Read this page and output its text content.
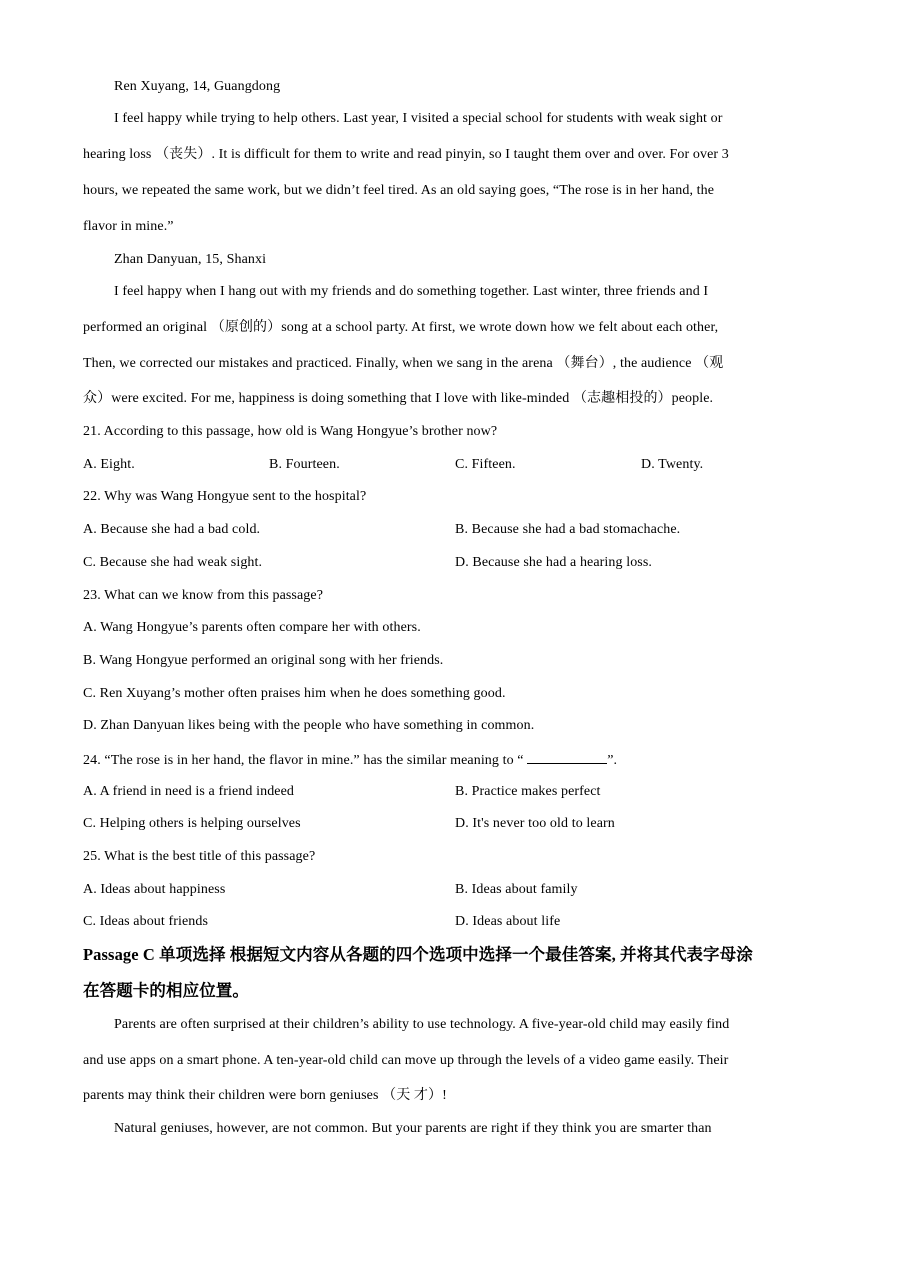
Ren Xuyang, 14, Guangdong
I feel happy while trying to help others. Last year, I visited a special school for students with weak sight or
hearing loss （丧失）. It is difficult for them to write and read pinyin, so I taught them over and over. For over 3
hours, we repeated the same work, but we didn’t feel tired. As an old saying goes, “The rose is in her hand, the
flavor in mine.”
Zhan Danyuan, 15, Shanxi
I feel happy when I hang out with my friends and do something together. Last winter, three friends and I
performed an original （原创的）song at a school party. At first, we wrote down how we felt about each other,
Then, we corrected our mistakes and practiced. Finally, when we sang in the arena （舞台）, the audience （观
众）were excited. For me, happiness is doing something that I love with like-minded （志趣相投的）people.
21. According to this passage, how old is Wang Hongyue’s brother now?
A. Eight.	B. Fourteen.	C. Fifteen.	D. Twenty.
22. Why was Wang Hongyue sent to the hospital?
A. Because she had a bad cold.	B. Because she had a bad stomachache.
C. Because she had weak sight.	D. Because she had a hearing loss.
23. What can we know from this passage?
A. Wang Hongyue’s parents often compare her with others.
B. Wang Hongyue performed an original song with her friends.
C. Ren Xuyang’s mother often praises him when he does something good.
D. Zhan Danyuan likes being with the people who have something in common.
24. “The rose is in her hand, the flavor in mine.” has the similar meaning to “	”.
A. A friend in need is a friend indeed	B. Practice makes perfect
C. Helping others is helping ourselves	D. It's never too old to learn
25. What is the best title of this passage?
A. Ideas about happiness	B. Ideas about family
C. Ideas about friends	D. Ideas about life
Passage C 单项选择 根据短文内容从各题的四个选项中选择一个最佳答案, 并将其代表字母涂
在答题卡的相应位置。
Parents are often surprised at their children’s ability to use technology. A five-year-old child may easily find
and use apps on a smart phone. A ten-year-old child can move up through the levels of a video game easily. Their
parents may think their children were born geniuses （天 才）!
Natural geniuses, however, are not common. But your parents are right if they think you are smarter than
